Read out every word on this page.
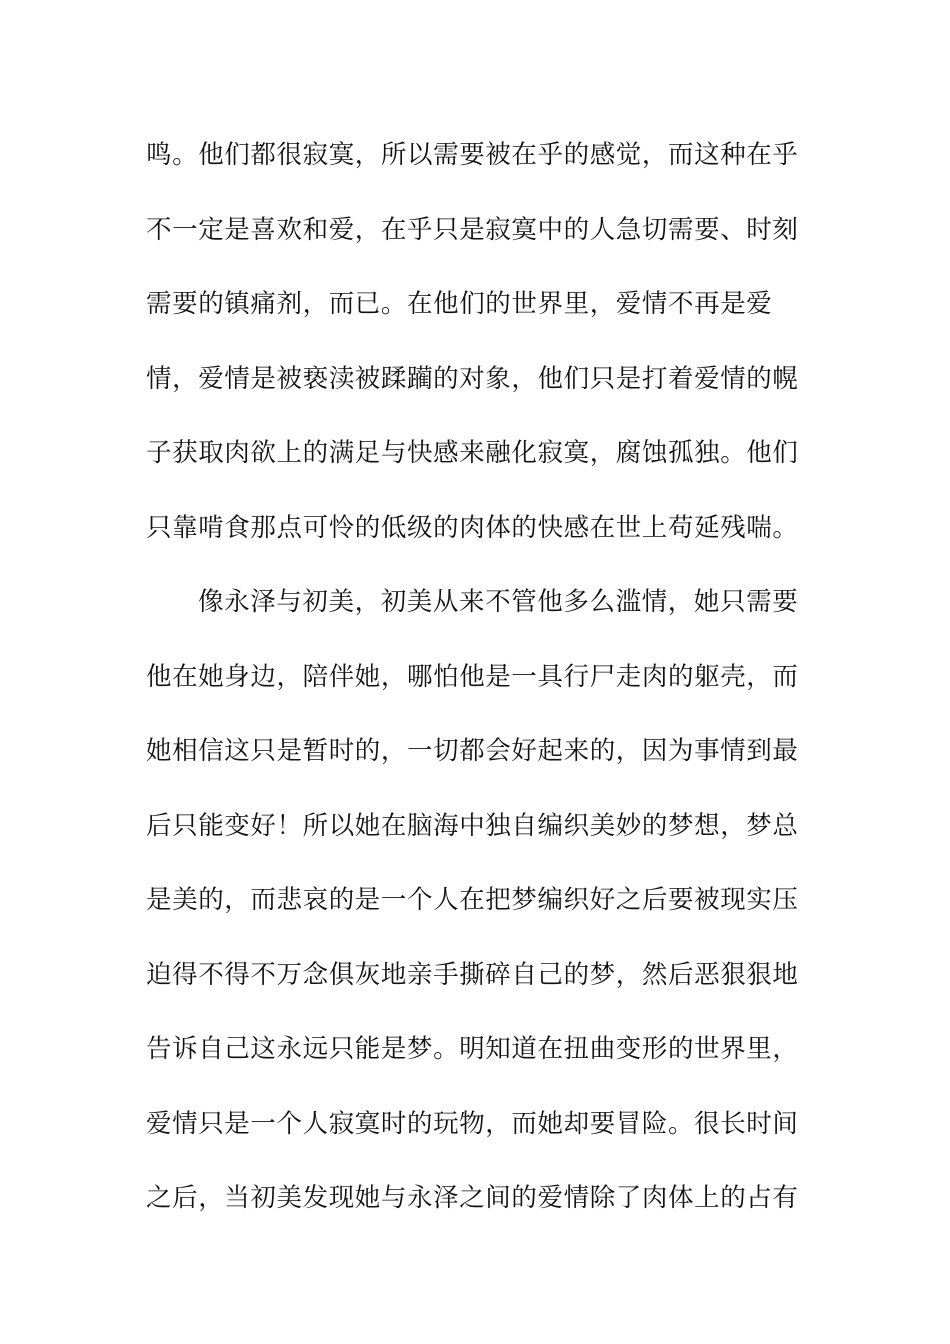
鸣。他们都很寂寞，所以需要被在乎的感觉，而这种在乎
不一定是喜欢和爱，在乎只是寂寞中的人急切需要、时刻
需要的镇痛剂，而已。在他们的世界里，爱情不再是爱
情，爱情是被亵渎被蹂躏的对象，他们只是打着爱情的幌
子获取肉欲上的满足与快感来融化寂寞，腐蚀孤独。他们
只靠啃食那点可怜的低级的肉体的快感在世上苟延残喘。
像永泽与初美，初美从来不管他多么滥情，她只需要
他在她身边，陪伴她，哪怕他是一具行尸走肉的躯壳，而
她相信这只是暂时的，一切都会好起来的，因为事情到最
后只能变好！所以她在脑海中独自编织美妙的梦想，梦总
是美的，而悲哀的是一个人在把梦编织好之后要被现实压
迫得不得不万念俱灰地亲手撕碎自己的梦，然后恶狠狠地
告诉自己这永远只能是梦。明知道在扭曲变形的世界里，
爱情只是一个人寂寞时的玩物，而她却要冒险。很长时间
之后，当初美发现她与永泽之间的爱情除了肉体上的占有
